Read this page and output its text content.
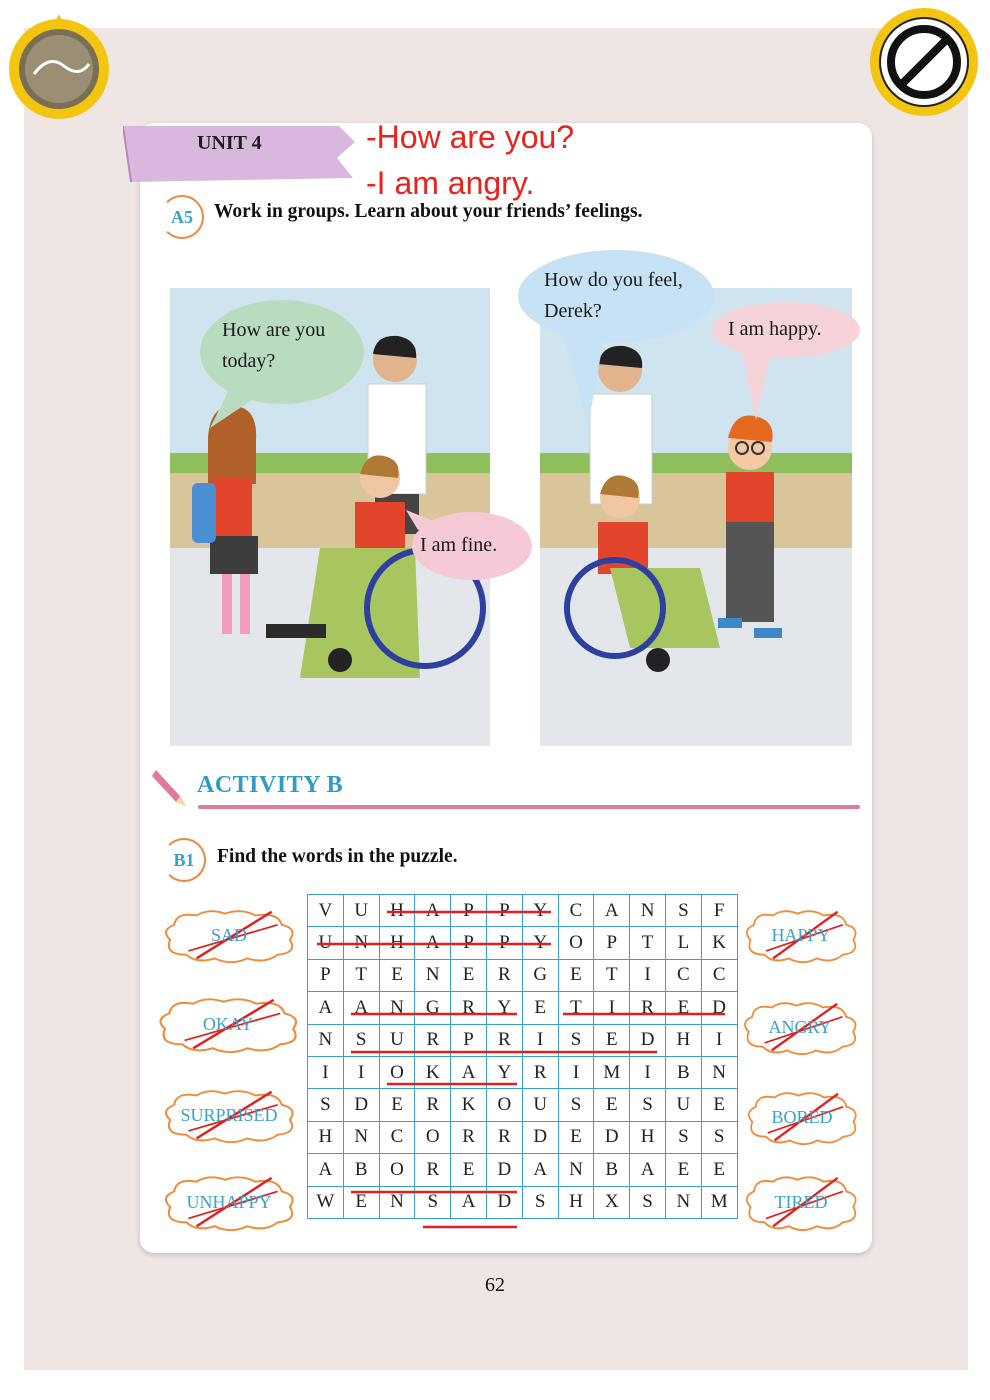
UNIT 4	-How are you?
-I am angry.
A5	Work in groups. Learn about your friends’ feelings.
How are you
today?
I am fine.
How do you feel,
Derek?
I am happy.
ACTIVITY B
B1	Find the words in the puzzle.
V	U	H	A	P	P	Y	C	A	N	S	F
U	N	H	A	P	P	Y	O	P	T	L	K
P	T	E	N	E	R	G	E	T	I	C	C
A	A	N	G	R	Y	E	T	I	R	E	D
N	S	U	R	P	R	I	S	E	D	H	I
I	I	O	K	A	Y	R	I	M	I	B	N
S	D	E	R	K	O	U	S	E	S	U	E
H	N	C	O	R	R	D	E	D	H	S	S
A	B	O	R	E	D	A	N	B	A	E	E
W	E	N	S	A	D	S	H	X	S	N	M
SAD
OKAY
SURPRISED
UNHAPPY
HAPPY
ANGRY
BORED
TIRED
62
